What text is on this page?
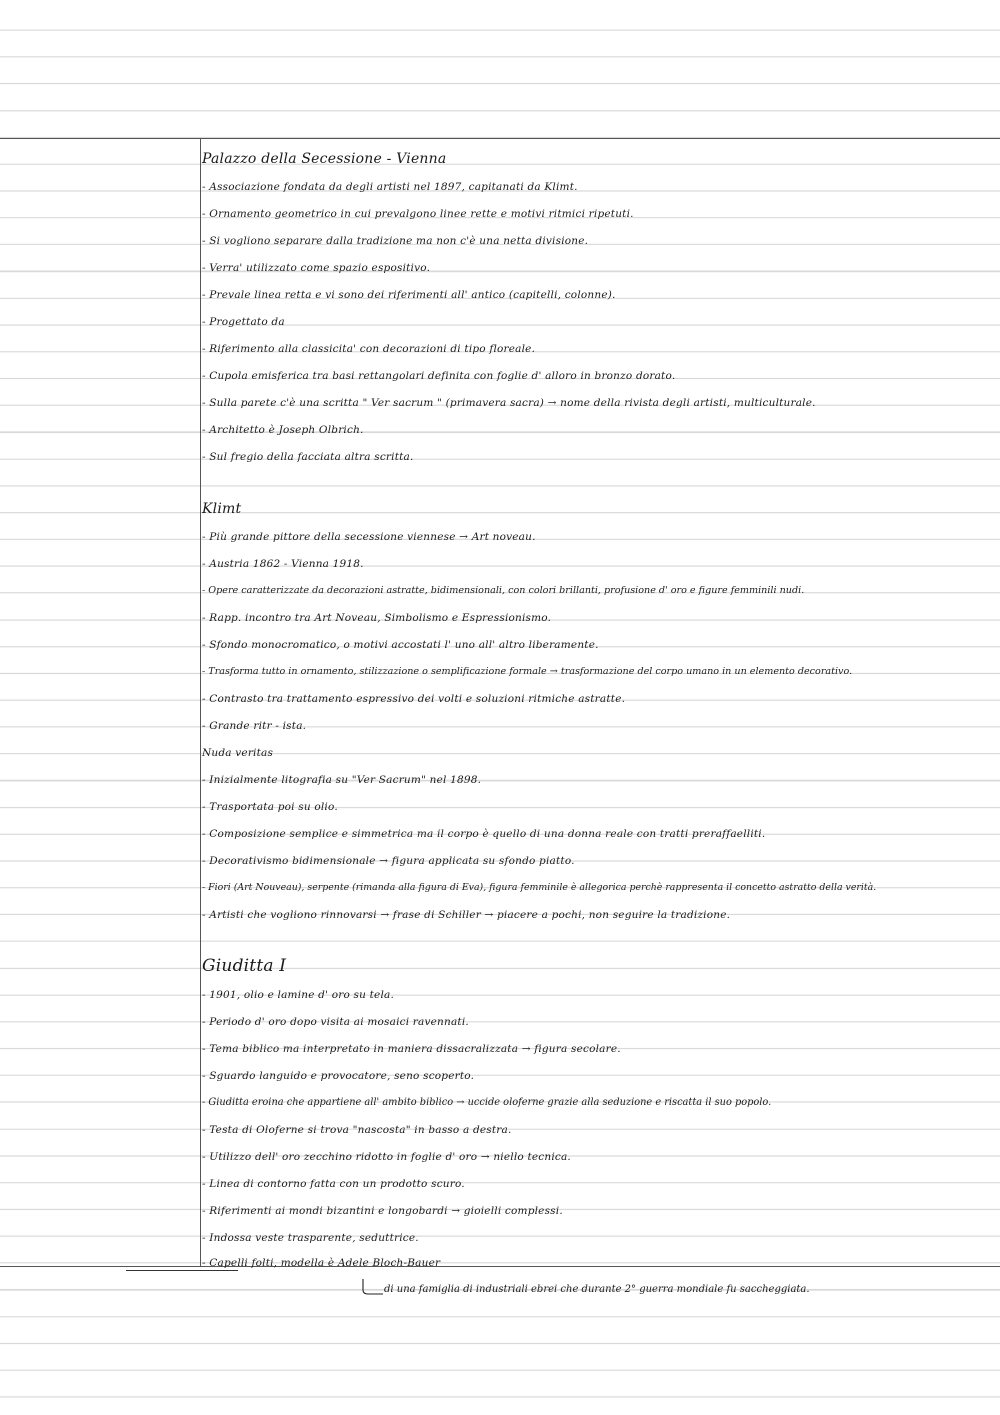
Palazzo della Secessione - Vienna
- Associazione fondata da degli artisti nel 1897, capitanati da Klimt.
- Ornamento geometrico in cui prevalgono linee rette e motivi ritmici ripetuti.
- Si vogliono separare dalla tradizione ma non c'è una netta divisione.
- Verra' utilizzato come spazio espositivo.
- Prevale linea retta e vi sono dei riferimenti all' antico (capitelli, colonne).
- Progettato da
- Riferimento alla classicita' con decorazioni di tipo floreale.
- Cupola emisferica tra basi rettangolari definita con foglie d' alloro in bronzo dorato.
- Sulla parete c'è una scritta " Ver sacrum " (primavera sacra) → nome della rivista degli artisti, multiculturale.
- Architetto è Joseph Olbrich.
- Sul fregio della facciata altra scritta.
Klimt
- Più grande pittore della secessione viennese → Art noveau.
- Austria 1862 - Vienna 1918.
- Opere caratterizzate da decorazioni astratte, bidimensionali, con colori brillanti, profusione d' oro e figure femminili nudi.
- Rapp. incontro tra Art Noveau, Simbolismo e Espressionismo.
- Sfondo monocromatico, o motivi accostati l' uno all' altro liberamente.
- Trasforma tutto in ornamento, stilizzazione o semplificazione formale → trasformazione del corpo umano in un elemento decorativo.
- Contrasto tra trattamento espressivo dei volti e soluzioni ritmiche astratte.
- Grande ritr - ista.
Nuda veritas
- Inizialmente litografia su "Ver Sacrum" nel 1898.
- Trasportata poi su olio.
- Composizione semplice e simmetrica ma il corpo è quello di una donna reale con tratti preraffaelliti.
- Decorativismo bidimensionale → figura applicata su sfondo piatto.
- Fiori (Art Nouveau), serpente (rimanda alla figura di Eva), figura femminile è allegorica perchè rappresenta il concetto astratto della verità.
- Artisti che vogliono rinnovarsi → frase di Schiller → piacere a pochi, non seguire la tradizione.
Giuditta I
- 1901, olio e lamine d' oro su tela.
- Periodo d' oro dopo visita ai mosaici ravennati.
- Tema biblico ma interpretato in maniera dissacralizzata → figura secolare.
- Sguardo languido e provocatore, seno scoperto.
- Giuditta eroina che appartiene all' ambito biblico → uccide oloferne grazie alla seduzione e riscatta il suo popolo.
- Testa di Oloferne si trova "nascosta" in basso a destra.
- Utilizzo dell' oro zecchino ridotto in foglie d' oro → niello tecnica.
- Linea di contorno fatta con un prodotto scuro.
- Riferimenti ai mondi bizantini e longobardi → gioielli complessi.
- Indossa veste trasparente, seduttrice.
- Capelli folti, modella è Adele Bloch-Bauer
di una famiglia di industriali ebrei che durante 2° guerra mondiale fu saccheggiata.
